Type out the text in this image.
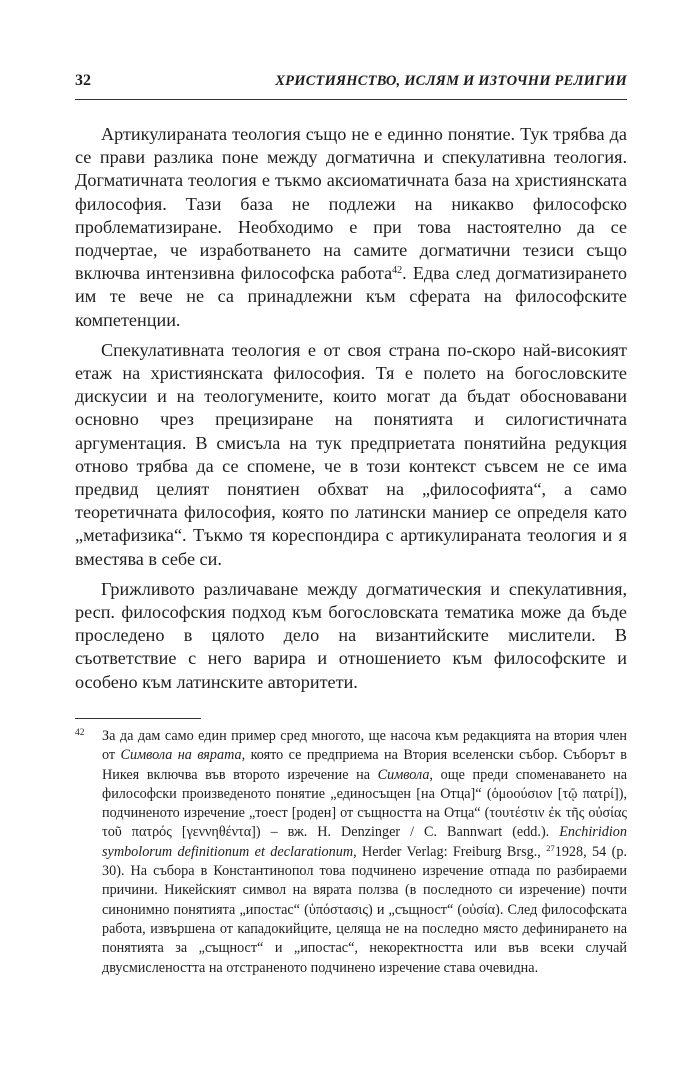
32	ХРИСТИЯНСТВО, ИСЛЯМ И ИЗТОЧНИ РЕЛИГИИ

Артикулираната теология също не е единно понятие. Тук трябва да се прави разлика поне между догматична и спекулативна теология. Догматичната теология е тъкмо аксиоматичната база на християнската философия. Тази база не подлежи на никакво философско проблематизиране. Необходимо е при това настоятелно да се подчертае, че изработването на самите догматични тезиси също включва интензивна философска работа$^{42}$. Едва след догматизирането им те вече не са принадлежни към сферата на философските компетенции.

Спекулативната теология е от своя страна по-скоро най-високият етаж на християнската философия. Тя е полето на богословските дискусии и на теологумените, които могат да бъдат обосновавани основно чрез прецизиране на понятията и силогистичната аргументация. В смисъла на тук предприетата понятийна редукция отново трябва да се спомене, че в този контекст съвсем не се има предвид целият понятиен обхват на „философията“, а само теоретичната философия, която по латински маниер се определя като „метафизика“. Тъкмо тя кореспондира с артикулираната теология и я вместява в себе си.

Грижливото различаване между догматическия и спекулативния, респ. философския подход към богословската тематика може да бъде проследено в цялото дело на византийските мислители. В съответствие с него варира и отношението към философските и особено към латинските авторитети.

42	За да дам само един пример сред многото, ще насоча към редакцията на втория член от Символа на вярата, която се предприема на Втория вселенски събор. Съборът в Никея включва във второто изречение на Символа, още преди споменаването на философски произведеното понятие „единосъщен [на Отца]“ (ὁμοούσιον [τῷ πατρί]), подчиненото изречение „тоест [роден] от същността на Отца“ (τουτέστιν ἐκ τῆς οὐσίας τοῦ πατρός [γεννηθέντα]) – вж. H. Denzinger / C. Bannwart (edd.). Enchiridion symbolorum definitionum et declarationum, Herder Verlag: Freiburg Brsg., $^{27}$1928, 54 (p. 30). На събора в Константинопол това подчинено изречение отпада по разбираеми причини. Никейският символ на вярата ползва (в последното си изречение) почти синонимно понятията „ипостас“ (ὑπόστασις) и „същност“ (οὐσία). След философската работа, извършена от кападокийците, целяща не на последно място дефинирането на понятията за „същност“ и „ипостас“, некоректността или във всеки случай двусмислеността на отстраненото подчинено изречение става очевидна.
